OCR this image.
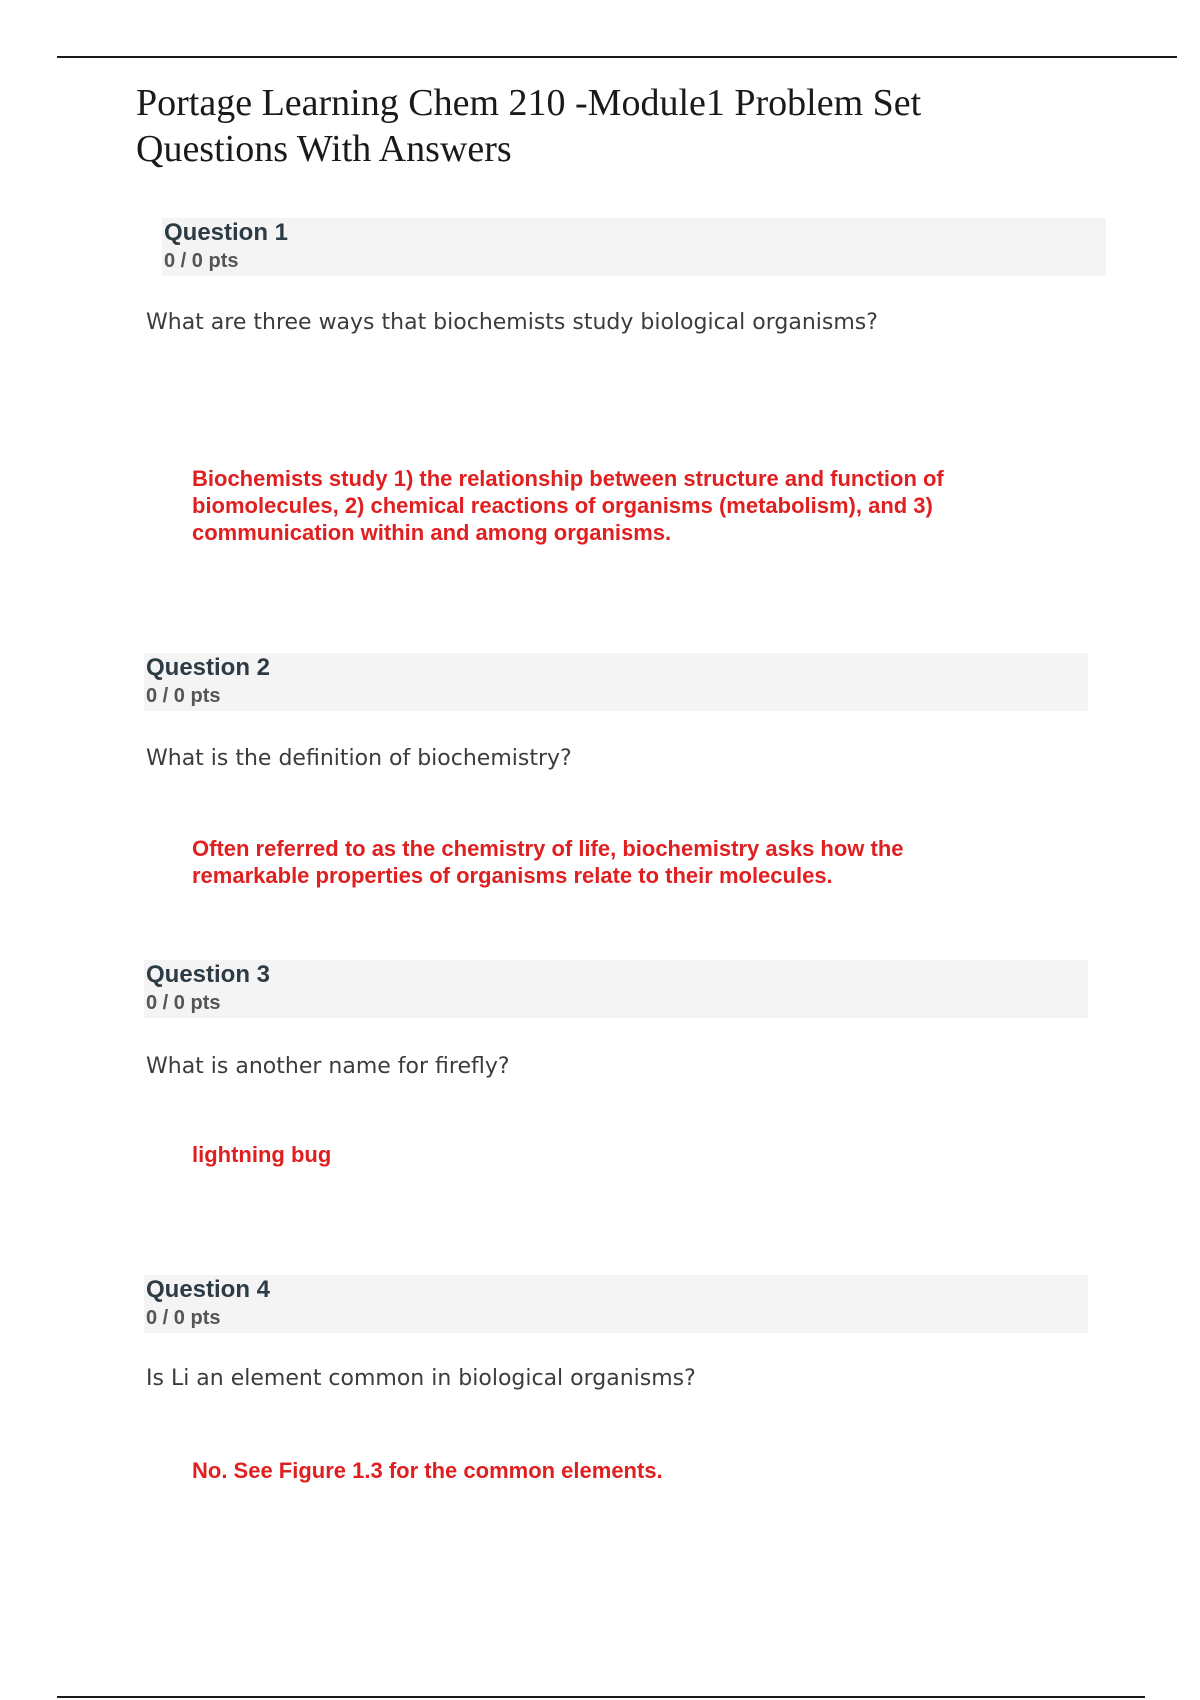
Portage Learning Chem 210 -Module1 Problem Set
Questions With Answers
Question 1
0 / 0 pts
What are three ways that biochemists study biological organisms?
Biochemists study 1) the relationship between structure and function of
biomolecules, 2) chemical reactions of organisms (metabolism), and 3)
communication within and among organisms.
Question 2
0 / 0 pts
What is the definition of biochemistry?
Often referred to as the chemistry of life, biochemistry asks how the
remarkable properties of organisms relate to their molecules.
Question 3
0 / 0 pts
What is another name for firefly?
lightning bug
Question 4
0 / 0 pts
Is Li an element common in biological organisms?
No. See Figure 1.3 for the common elements.
